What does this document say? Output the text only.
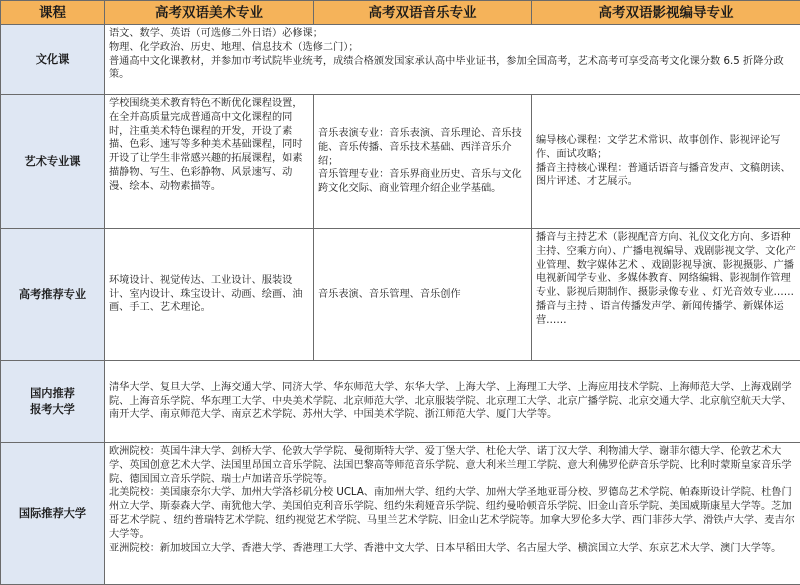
课程	高考双语美术专业	高考双语音乐专业	高考双语影视编导专业
文化课	语文、数学、英语（可选修二外日语）必修课；
物理、化学政治、历史、地理、信息技术（选修二门）；
普通高中文化课教材，并参加市考试院毕业统考，成绩合格颁发国家承认高中毕业证书，参加全国高考，艺术高考可享受高考文化课分数 6.5 折降分政策。		

艺术专业课	学校围绕美术教育特色不断优化课程设置，在全并高质量完成普通高中文化课程的同时，注重美术特色课程的开发，开设了素描、色彩、速写等多种美术基础课程，同时开设了让学生非常感兴趣的拓展课程，如素描静物、写生、色彩静物、风景速写、动漫、绘本、动物素描等。	音乐表演专业：音乐表演、音乐理论、音乐技能、音乐传播、音乐技术基础、西洋音乐介绍；
音乐管理专业：音乐界商业历史、音乐与文化跨文化交际、商业管理介绍企业学基础。	编导核心课程：文学艺术常识、故事创作、影视评论写作、面试攻略；
播音主持核心课程：普通话语音与播音发声、文稿朗读、图片评述、才艺展示。
高考推荐专业	环境设计、视觉传达、工业设计、服装设计、室内设计、珠宝设计、动画、绘画、油画、手工、艺术理论。	音乐表演、音乐管理、音乐创作	播音与主持艺术（影视配音方向、礼仪文化方向、多语种主持、空乘方向）、广播电视编导、戏剧影视文学、文化产业管理、数字媒体艺术 、戏剧影视导演、影视摄影、广播电视新闻学专业、多媒体教育、网络编辑、影视制作管理专业、影视后期制作、摄影录像专业 、灯光音效专业……播音与主持 、语言传播发声学、新闻传播学、新媒体运营……
国内推荐
报考大学	清华大学、复旦大学、上海交通大学、同济大学、华东师范大学、东华大学、上海大学、上海理工大学、上海应用技术学院、上海师范大学、上海戏剧学院、上海音乐学院、华东理工大学、中央美术学院、北京师范大学、北京服装学院、北京理工大学、北京广播学院、北京交通大学、北京航空航天大学、南开大学、南京师范大学、南京艺术学院、苏州大学、中国美术学院、浙江师范大学、厦门大学等。		
国际推荐大学	欧洲院校：英国牛津大学、剑桥大学、伦敦大学学院、曼彻斯特大学、爱丁堡大学、杜伦大学、诺丁汉大学、利物浦大学、谢菲尔德大学、伦敦艺术大学、英国创意艺术大学、法国里昂国立音乐学院、法国巴黎高等师范音乐学院、意大利米兰理工学院、意大利佛罗伦萨音乐学院、比利时蒙斯皇家音乐学院、德国国立音乐学院、瑞士卢加诺音乐学院等。
北美院校：美国康奈尔大学、加州大学洛杉矶分校 UCLA、南加州大学、纽约大学、加州大学圣地亚哥分校、罗德岛艺术学院、帕森斯设计学院、杜鲁门州立大学、斯泰森大学、南犹他大学、美国伯克利音乐学院、纽约朱莉娅音乐学院、纽约曼哈顿音乐学院、旧金山音乐学院、美国威斯康星大学等。芝加哥艺术学院 、纽约普瑞特艺术学院、纽约视觉艺术学院、马里兰艺术学院、旧金山艺术学院等。加拿大罗伦多大学、西门菲莎大学、滑铁卢大学、麦吉尔大学等。
亚洲院校：新加坡国立大学、香港大学、香港理工大学、香港中文大学、日本早稻田大学、名古屋大学、横滨国立大学、东京艺术大学、澳门大学等。		
